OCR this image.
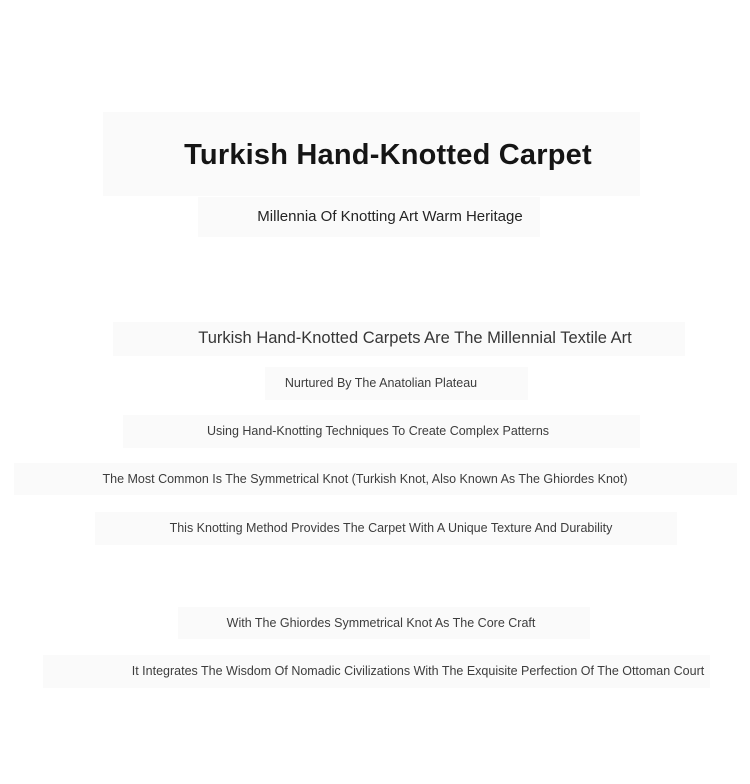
Turkish Hand-Knotted Carpet
Millennia Of Knotting Art Warm Heritage
Turkish Hand-Knotted Carpets Are The Millennial Textile Art
Nurtured By The Anatolian Plateau
Using Hand-Knotting Techniques To Create Complex Patterns
The Most Common Is The Symmetrical Knot (Turkish Knot, Also Known As The Ghiordes Knot)
This Knotting Method Provides The Carpet With A Unique Texture And Durability
With The Ghiordes Symmetrical Knot As The Core Craft
It Integrates The Wisdom Of Nomadic Civilizations With The Exquisite Perfection Of The Ottoman Court
